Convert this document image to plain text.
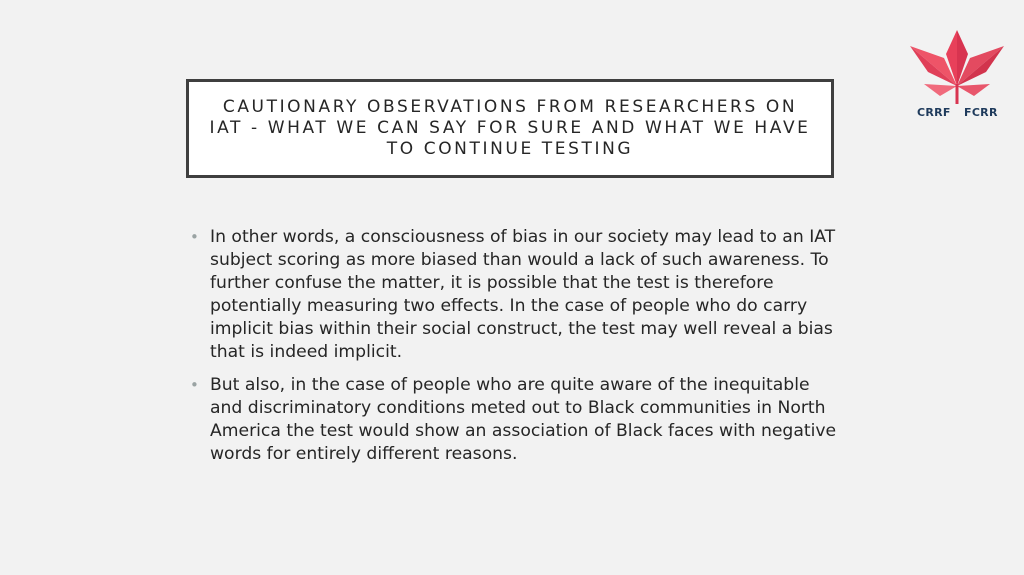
CAUTIONARY OBSERVATIONS FROM RESEARCHERS ON IAT - WHAT WE CAN SAY FOR SURE AND WHAT WE HAVE TO CONTINUE TESTING
CRRF FCRR
• In other words, a consciousness of bias in our society may lead to an IAT subject scoring as more biased than would a lack of such awareness. To further confuse the matter, it is possible that the test is therefore potentially measuring two effects. In the case of people who do carry implicit bias within their social construct, the test may well reveal a bias that is indeed implicit.

• But also, in the case of people who are quite aware of the inequitable and discriminatory conditions meted out to Black communities in North America the test would show an association of Black faces with negative words for entirely different reasons.
